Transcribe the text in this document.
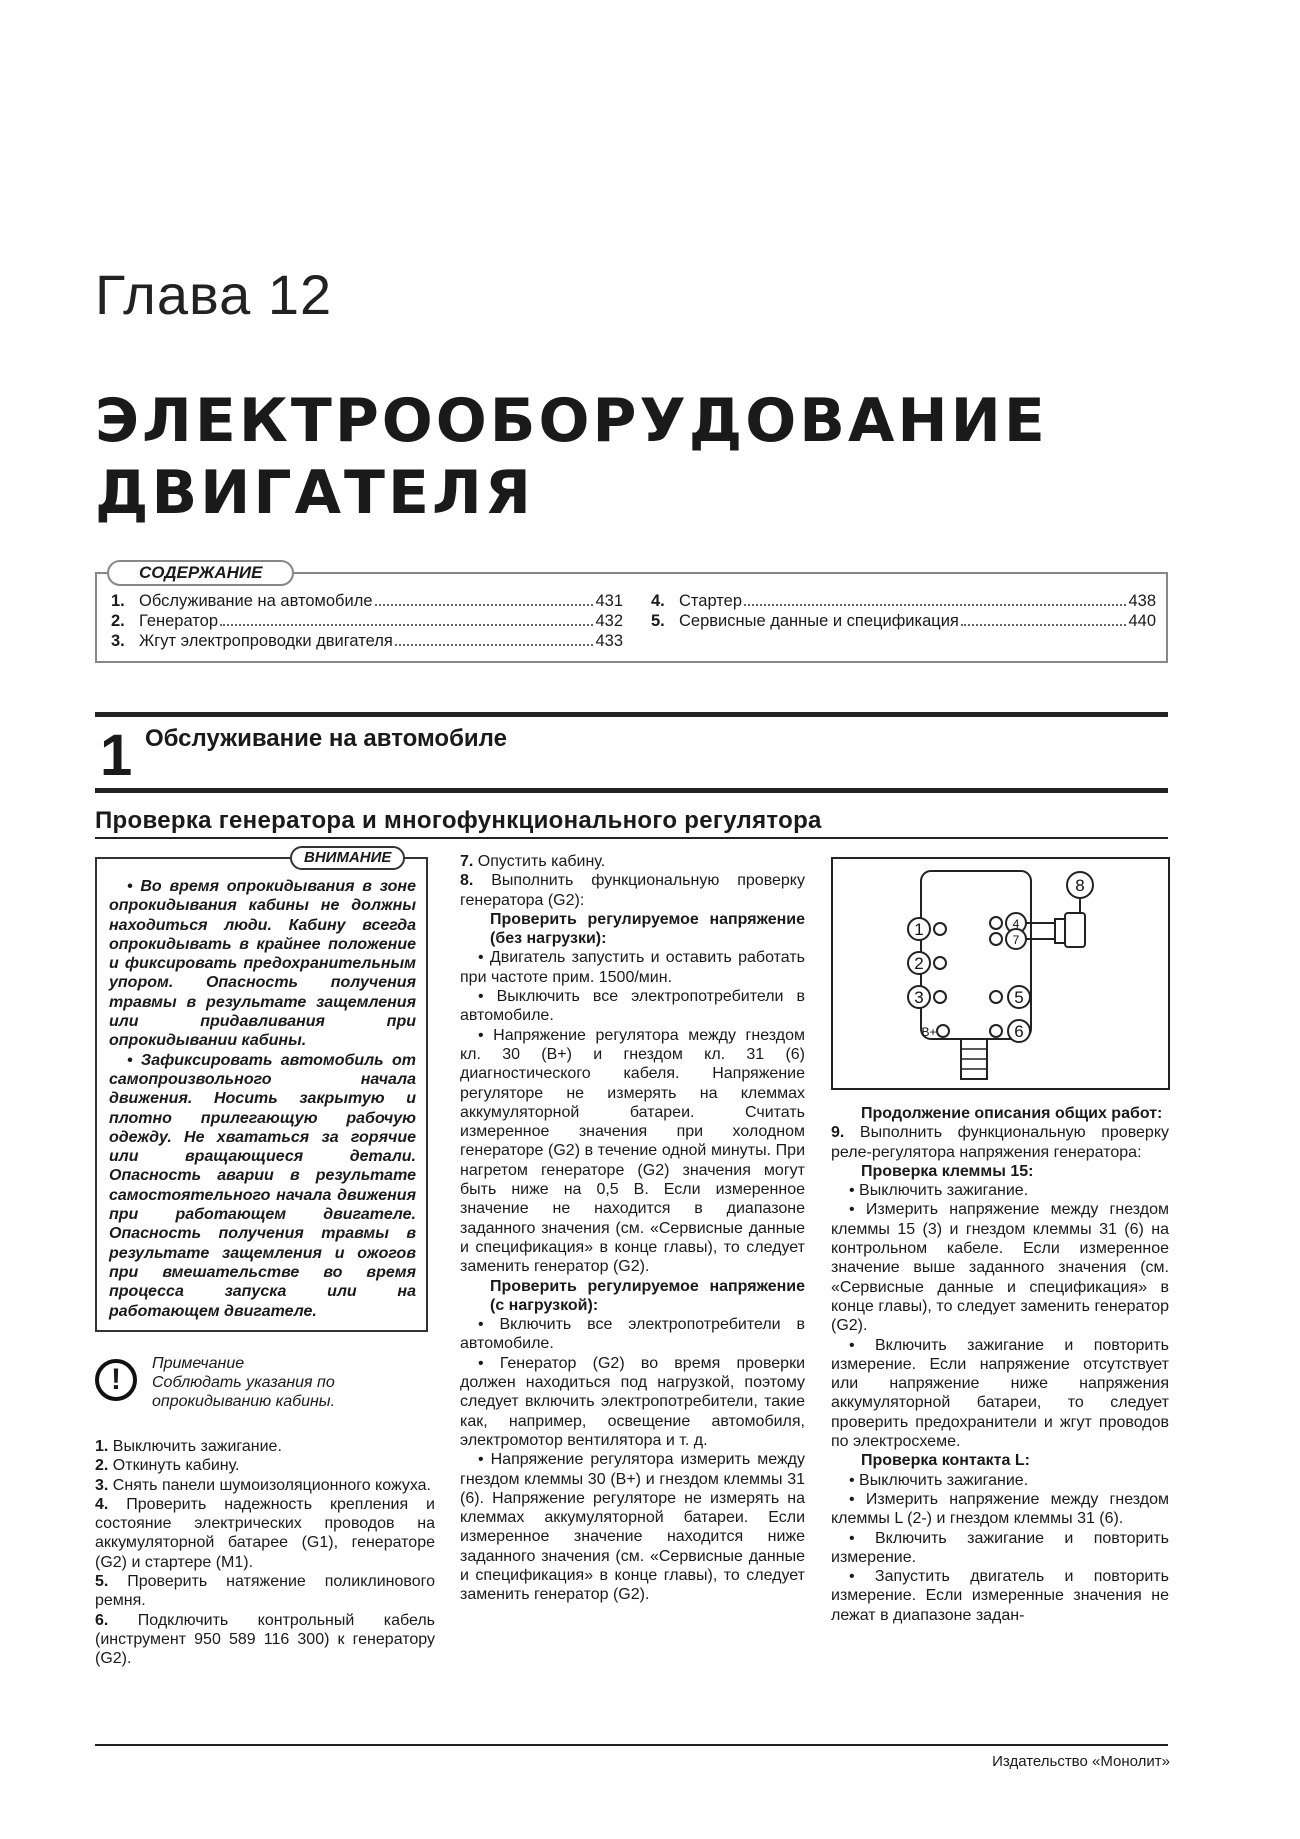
Глава 12
ЭЛЕКТРООБОРУДОВАНИЕ
ДВИГАТЕЛЯ
СОДЕРЖАНИЕ
1. Обслуживание на автомобиле	431
2. Генератор	432
3. Жгут электропроводки двигателя	433
4. Стартер	438
5. Сервисные данные и спецификация	440
1 Обслуживание на автомобиле
Проверка генератора и многофункционального регулятора
ВНИМАНИЕ

• Во время опрокидывания в зоне опрокидывания кабины не должны находиться люди. Кабину всегда опрокидывать в крайнее положение и фиксировать предохранительным упором. Опасность получения травмы в результате защемления или придавливания при опрокидывании кабины.

• Зафиксировать автомобиль от самопроизвольного начала движения. Носить закрытую и плотно прилегающую рабочую одежду. Не хвататься за горячие или вращающиеся детали. Опасность аварии в результате самостоятельного начала движения при работающем двигателе. Опасность получения травмы в результате защемления и ожогов при вмешательстве во время процесса запуска или на работающем двигателе.

!	Примечание
Соблюдать указания по опрокидыванию кабины.

1. Выключить зажигание.

2. Откинуть кабину.

3. Снять панели шумоизоляционного кожуха.

4. Проверить надежность крепления и состояние электрических проводов на аккумуляторной батарее (G1), генераторе (G2) и стартере (M1).

5. Проверить натяжение поликлинового ремня.

6. Подключить контрольный кабель (инструмент 950 589 116 300) к генератору (G2).

7. Опустить кабину.

8. Выполнить функциональную проверку генератора (G2):

Проверить регулируемое напряжение (без нагрузки):

• Двигатель запустить и оставить работать при частоте прим. 1500/мин.

• Выключить все электропотребители в автомобиле.

• Напряжение регулятора между гнездом кл. 30 (B+) и гнездом кл. 31 (6) диагностического кабеля. Напряжение регуляторе не измерять на клеммах аккумуляторной батареи. Считать измеренное значения при холодном генераторе (G2) в течение одной минуты. При нагретом генераторе (G2) значения могут быть ниже на 0,5 В. Если измеренное значение не находится в диапазоне заданного значения (см. «Сервисные данные и спецификация» в конце главы), то следует заменить генератор (G2).

Проверить регулируемое напряжение (с нагрузкой):

• Включить все электропотребители в автомобиле.

• Генератор (G2) во время проверки должен находиться под нагрузкой, поэтому следует включить электропотребители, такие как, например, освещение автомобиля, электромотор вентилятора и т. д.

• Напряжение регулятора измерить между гнездом клеммы 30 (B+) и гнездом клеммы 31 (6). Напряжение регуляторе не измерять на клеммах аккумуляторной батареи. Если измеренное значение находится ниже заданного значения (см. «Сервисные данные и спецификация» в конце главы), то следует заменить генератор (G2).

1
2
3
4
5
6
7
8
B+

Продолжение описания общих работ:

9. Выполнить функциональную проверку реле-регулятора напряжения генератора:

Проверка клеммы 15:

• Выключить зажигание.

• Измерить напряжение между гнездом клеммы 15 (3) и гнездом клеммы 31 (6) на контрольном кабеле. Если измеренное значение выше заданного значения (см. «Сервисные данные и спецификация» в конце главы), то следует заменить генератор (G2).

• Включить зажигание и повторить измерение. Если напряжение отсутствует или напряжение ниже напряжения аккумуляторной батареи, то следует проверить предохранители и жгут проводов по электросхеме.

Проверка контакта L:

• Выключить зажигание.

• Измерить напряжение между гнездом клеммы L (2-) и гнездом клеммы 31 (6).

• Включить зажигание и повторить измерение.

• Запустить двигатель и повторить измерение. Если измеренные значения не лежат в диапазоне задан-

Издательство «Монолит»
